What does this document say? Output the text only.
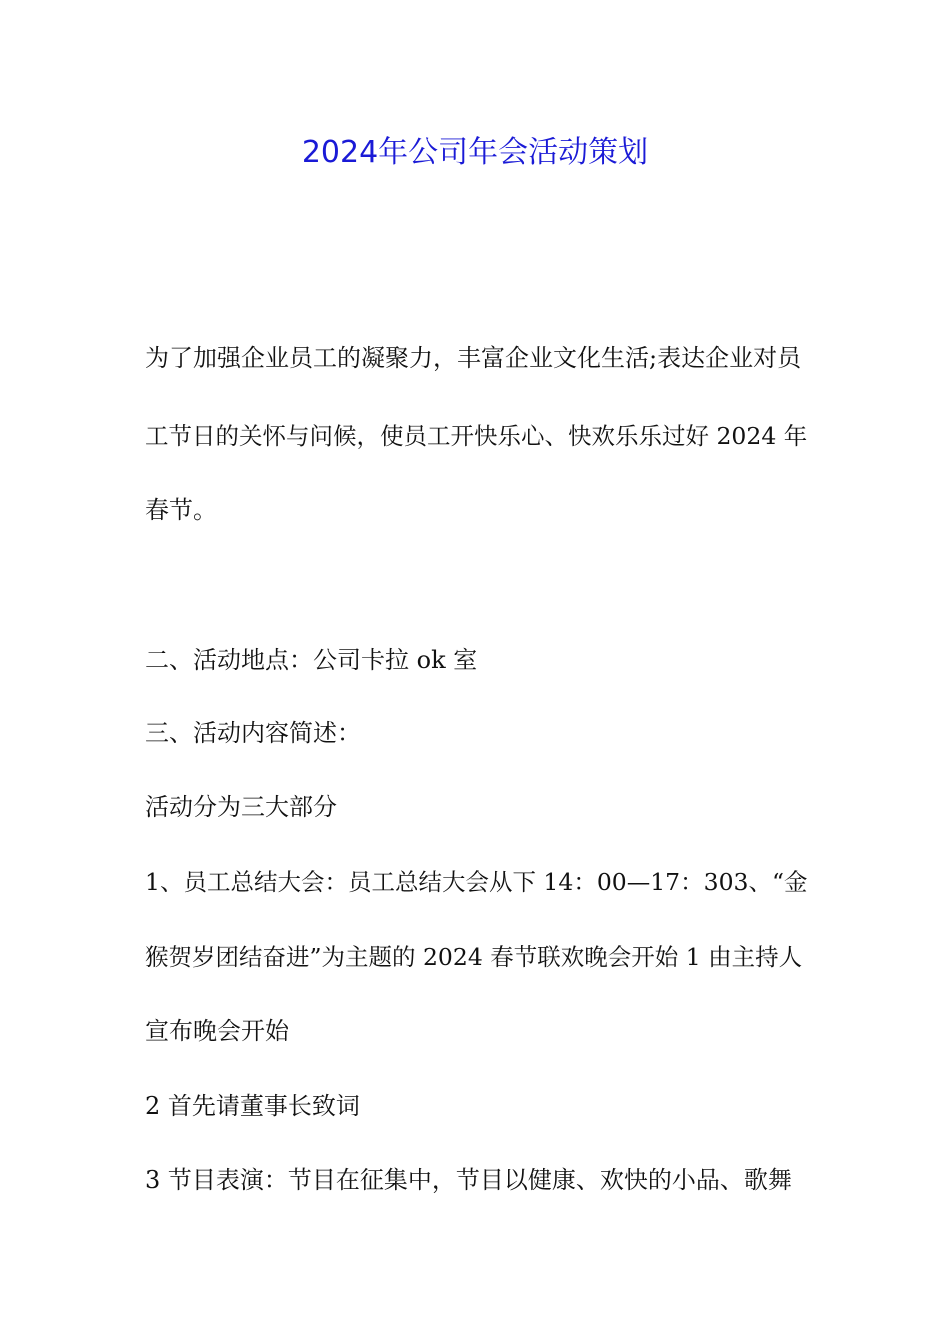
2024年公司年会活动策划
为了加强企业员工的凝聚力，丰富企业文化生活;表达企业对员
工节日的关怀与问候，使员工开快乐心、快欢乐乐过好 2024 年
春节。
二、活动地点：公司卡拉 ok 室
三、活动内容简述：
活动分为三大部分
1、员工总结大会：员工总结大会从下 14：00—17：303、“金
猴贺岁团结奋进”为主题的 2024 春节联欢晚会开始 1 由主持人
宣布晚会开始
2 首先请董事长致词
3 节目表演：节目在征集中，节目以健康、欢快的小品、歌舞
